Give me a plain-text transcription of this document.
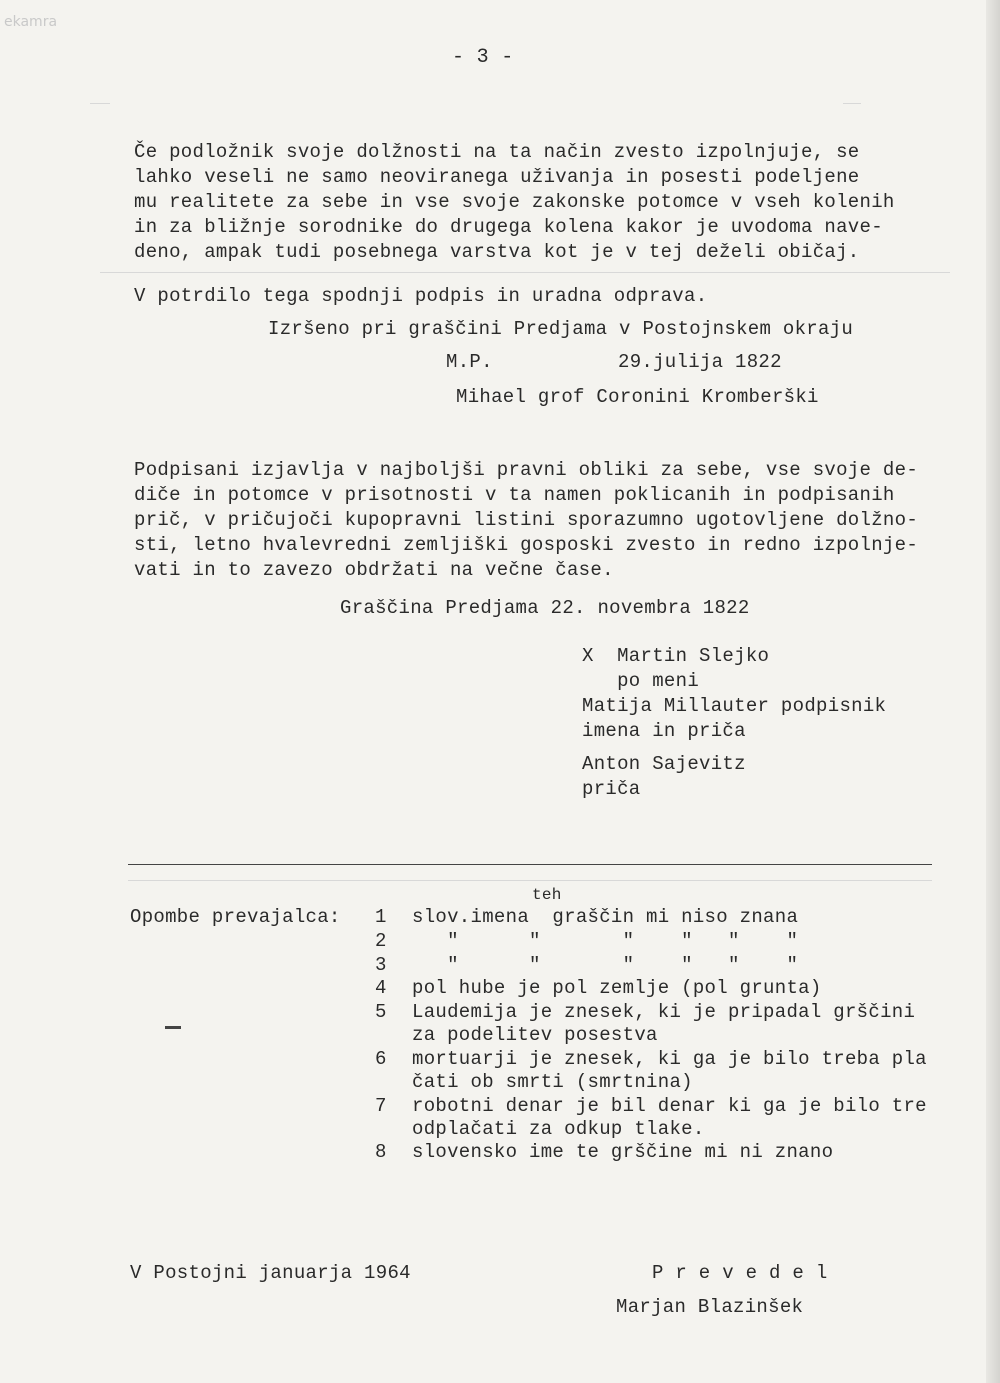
ekamra
- 3 -
Če podložnik svoje dolžnosti na ta način zvesto izpolnjuje, se
lahko veseli ne samo neoviranega uživanja in posesti podeljene
mu realitete za sebe in vse svoje zakonske potomce v vseh kolenih
in za bližnje sorodnike do drugega kolena kakor je uvodoma nave-
deno, ampak tudi posebnega varstva kot je v tej deželi običaj.
V potrdilo tega spodnji podpis in uradna odprava.
Izršeno pri graščini Predjama v Postojnskem okraju
M.P.	29.julija 1822
Mihael grof Coronini Kromberški
Podpisani izjavlja v najboljši pravni obliki za sebe, vse svoje de-
diče in potomce v prisotnosti v ta namen poklicanih in podpisanih
prič, v pričujoči kupopravni listini sporazumno ugotovljene dolžno-
sti, letno hvalevredni zemljiški gosposki zvesto in redno izpolnje-
vati in to zavezo obdržati na večne čase.
Graščina Predjama 22. novembra 1822
X  Martin Slejko
po meni
Matija Millauter podpisnik
imena in priča
Anton Sajevitz
priča
Opombe prevajalca:
teh
1 slov.imena  graščin mi niso znana
2 "      "       "    "   "    "
3 "      "       "    "   "    "
4 pol hube je pol zemlje (pol grunta)
5 Laudemija je znesek, ki je pripadal grščini
za podelitev posestva
6 mortuarji je znesek, ki ga je bilo treba pla
čati ob smrti (smrtnina)
7 robotni denar je bil denar ki ga je bilo tre
odplačati za odkup tlake.
8 slovensko ime te grščine mi ni znano
V Postojni januarja 1964	P r e v e d e l
Marjan Blazinšek
